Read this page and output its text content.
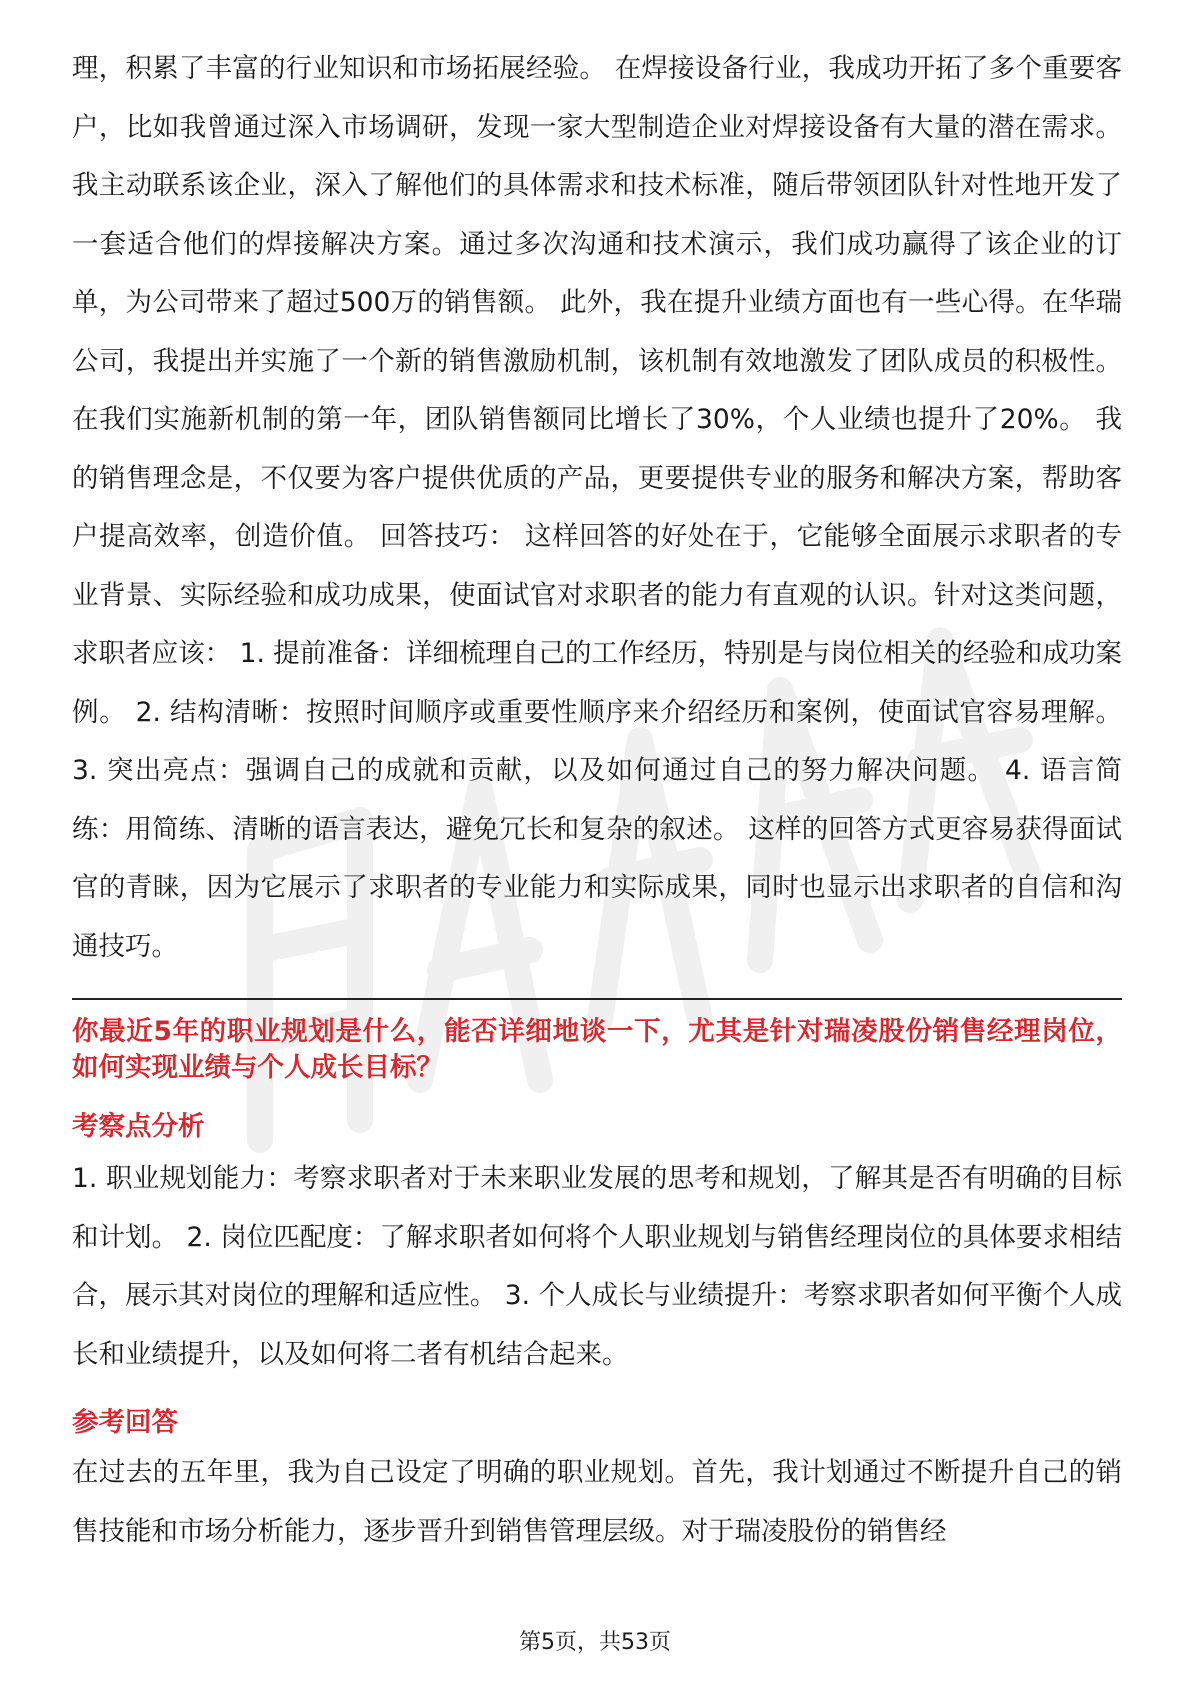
理，积累了丰富的行业知识和市场拓展经验。 在焊接设备行业，我成功开拓了多个重要客户，比如我曾通过深入市场调研，发现一家大型制造企业对焊接设备有大量的潜在需求。我主动联系该企业，深入了解他们的具体需求和技术标准，随后带领团队针对性地开发了一套适合他们的焊接解决方案。通过多次沟通和技术演示，我们成功赢得了该企业的订单，为公司带来了超过500万的销售额。 此外，我在提升业绩方面也有一些心得。在华瑞公司，我提出并实施了一个新的销售激励机制，该机制有效地激发了团队成员的积极性。在我们实施新机制的第一年，团队销售额同比增长了30%，个人业绩也提升了20%。 我的销售理念是，不仅要为客户提供优质的产品，更要提供专业的服务和解决方案，帮助客户提高效率，创造价值。 回答技巧： 这样回答的好处在于，它能够全面展示求职者的专业背景、实际经验和成功成果，使面试官对求职者的能力有直观的认识。针对这类问题，求职者应该： 1. 提前准备：详细梳理自己的工作经历，特别是与岗位相关的经验和成功案例。 2. 结构清晰：按照时间顺序或重要性顺序来介绍经历和案例，使面试官容易理解。 3. 突出亮点：强调自己的成就和贡献，以及如何通过自己的努力解决问题。 4. 语言简练：用简练、清晰的语言表达，避免冗长和复杂的叙述。 这样的回答方式更容易获得面试官的青睐，因为它展示了求职者的专业能力和实际成果，同时也显示出求职者的自信和沟通技巧。

你最近5年的职业规划是什么，能否详细地谈一下，尤其是针对瑞凌股份销售经理岗位，如何实现业绩与个人成长目标？

考察点分析

1. 职业规划能力：考察求职者对于未来职业发展的思考和规划，了解其是否有明确的目标和计划。 2. 岗位匹配度：了解求职者如何将个人职业规划与销售经理岗位的具体要求相结合，展示其对岗位的理解和适应性。 3. 个人成长与业绩提升：考察求职者如何平衡个人成长和业绩提升，以及如何将二者有机结合起来。

参考回答

在过去的五年里，我为自己设定了明确的职业规划。首先，我计划通过不断提升自己的销售技能和市场分析能力，逐步晋升到销售管理层级。对于瑞凌股份的销售经

第5页，共53页
